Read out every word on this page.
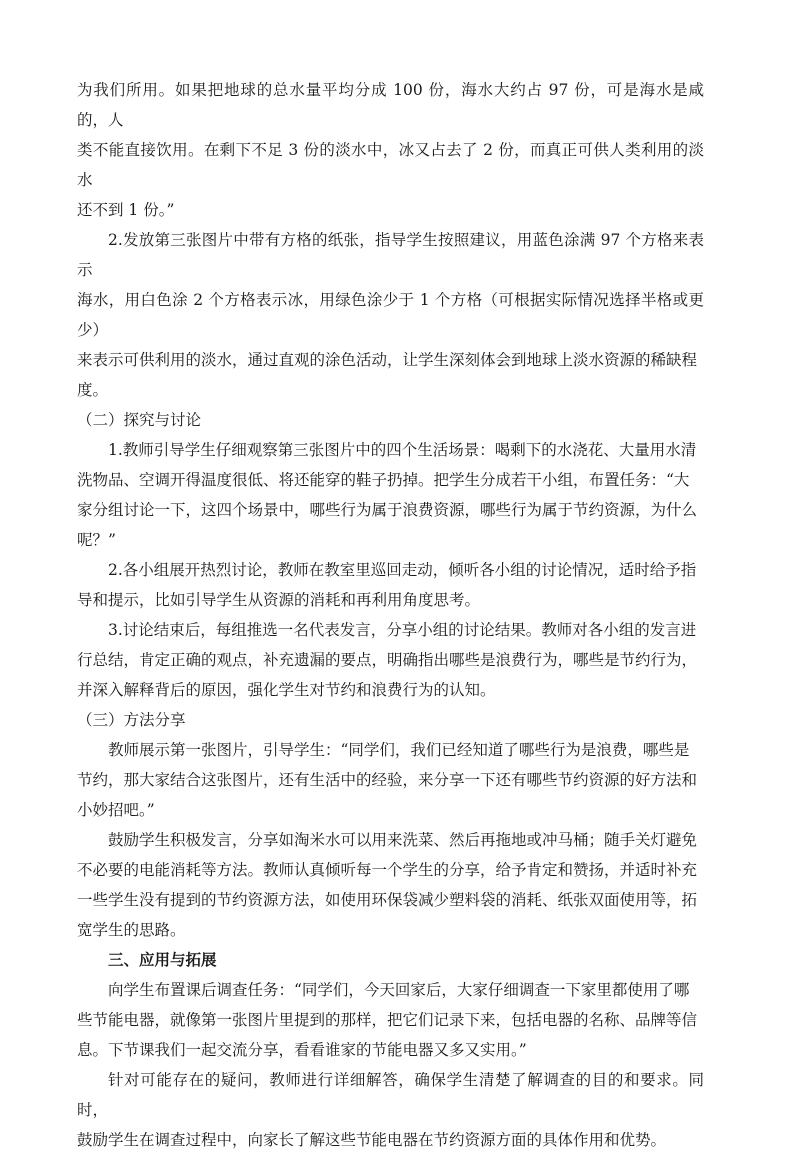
为我们所用。如果把地球的总水量平均分成 100 份，海水大约占 97 份，可是海水是咸的，人
类不能直接饮用。在剩下不足 3 份的淡水中，冰又占去了 2 份，而真正可供人类利用的淡水
还不到 1 份。”
2.发放第三张图片中带有方格的纸张，指导学生按照建议，用蓝色涂满 97 个方格来表示
海水，用白色涂 2 个方格表示冰，用绿色涂少于 1 个方格（可根据实际情况选择半格或更少）
来表示可供利用的淡水，通过直观的涂色活动，让学生深刻体会到地球上淡水资源的稀缺程
度。
（二）探究与讨论
1.教师引导学生仔细观察第三张图片中的四个生活场景：喝剩下的水浇花、大量用水清
洗物品、空调开得温度很低、将还能穿的鞋子扔掉。把学生分成若干小组，布置任务：“大
家分组讨论一下，这四个场景中，哪些行为属于浪费资源，哪些行为属于节约资源，为什么
呢？”
2.各小组展开热烈讨论，教师在教室里巡回走动，倾听各小组的讨论情况，适时给予指
导和提示，比如引导学生从资源的消耗和再利用角度思考。
3.讨论结束后，每组推选一名代表发言，分享小组的讨论结果。教师对各小组的发言进
行总结，肯定正确的观点，补充遗漏的要点，明确指出哪些是浪费行为，哪些是节约行为，
并深入解释背后的原因，强化学生对节约和浪费行为的认知。
（三）方法分享
教师展示第一张图片，引导学生：“同学们，我们已经知道了哪些行为是浪费，哪些是
节约，那大家结合这张图片，还有生活中的经验，来分享一下还有哪些节约资源的好方法和
小妙招吧。”
鼓励学生积极发言，分享如淘米水可以用来洗菜、然后再拖地或冲马桶；随手关灯避免
不必要的电能消耗等方法。教师认真倾听每一个学生的分享，给予肯定和赞扬，并适时补充
一些学生没有提到的节约资源方法，如使用环保袋减少塑料袋的消耗、纸张双面使用等，拓
宽学生的思路。
三、应用与拓展
向学生布置课后调查任务：“同学们，今天回家后，大家仔细调查一下家里都使用了哪
些节能电器，就像第一张图片里提到的那样，把它们记录下来，包括电器的名称、品牌等信
息。下节课我们一起交流分享，看看谁家的节能电器又多又实用。”
针对可能存在的疑问，教师进行详细解答，确保学生清楚了解调查的目的和要求。同时，
鼓励学生在调查过程中，向家长了解这些节能电器在节约资源方面的具体作用和优势。
